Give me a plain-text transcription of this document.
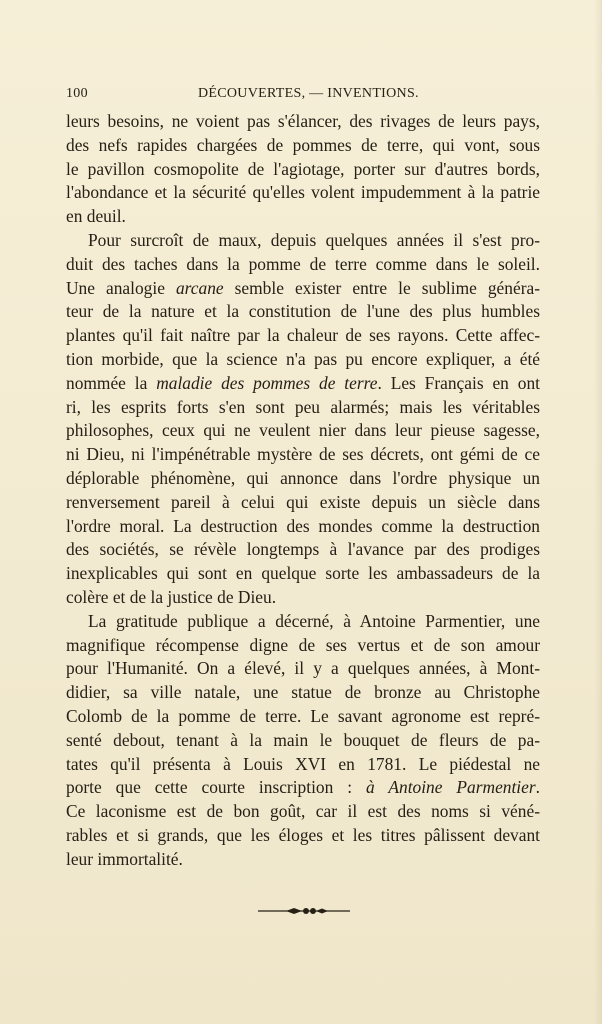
100	DÉCOUVERTES, — INVENTIONS.
leurs besoins, ne voient pas s'élancer, des rivages de leurs pays,
des nefs rapides chargées de pommes de terre, qui vont, sous
le pavillon cosmopolite de l'agiotage, porter sur d'autres bords,
l'abondance et la sécurité qu'elles volent impudemment à la patrie
en deuil.
Pour surcroît de maux, depuis quelques années il s'est pro-
duit des taches dans la pomme de terre comme dans le soleil.
Une analogie arcane semble exister entre le sublime généra-
teur de la nature et la constitution de l'une des plus humbles
plantes qu'il fait naître par la chaleur de ses rayons. Cette affec-
tion morbide, que la science n'a pas pu encore expliquer, a été
nommée la maladie des pommes de terre. Les Français en ont
ri, les esprits forts s'en sont peu alarmés; mais les véritables
philosophes, ceux qui ne veulent nier dans leur pieuse sagesse,
ni Dieu, ni l'impénétrable mystère de ses décrets, ont gémi de ce
déplorable phénomène, qui annonce dans l'ordre physique un
renversement pareil à celui qui existe depuis un siècle dans
l'ordre moral. La destruction des mondes comme la destruction
des sociétés, se révèle longtemps à l'avance par des prodiges
inexplicables qui sont en quelque sorte les ambassadeurs de la
colère et de la justice de Dieu.
La gratitude publique a décerné, à Antoine Parmentier, une
magnifique récompense digne de ses vertus et de son amour
pour l'Humanité. On a élevé, il y a quelques années, à Mont-
didier, sa ville natale, une statue de bronze au Christophe
Colomb de la pomme de terre. Le savant agronome est repré-
senté debout, tenant à la main le bouquet de fleurs de pa-
tates qu'il présenta à Louis XVI en 1781. Le piédestal ne
porte que cette courte inscription : à Antoine Parmentier.
Ce laconisme est de bon goût, car il est des noms si véné-
rables et si grands, que les éloges et les titres pâlissent devant
leur immortalité.
